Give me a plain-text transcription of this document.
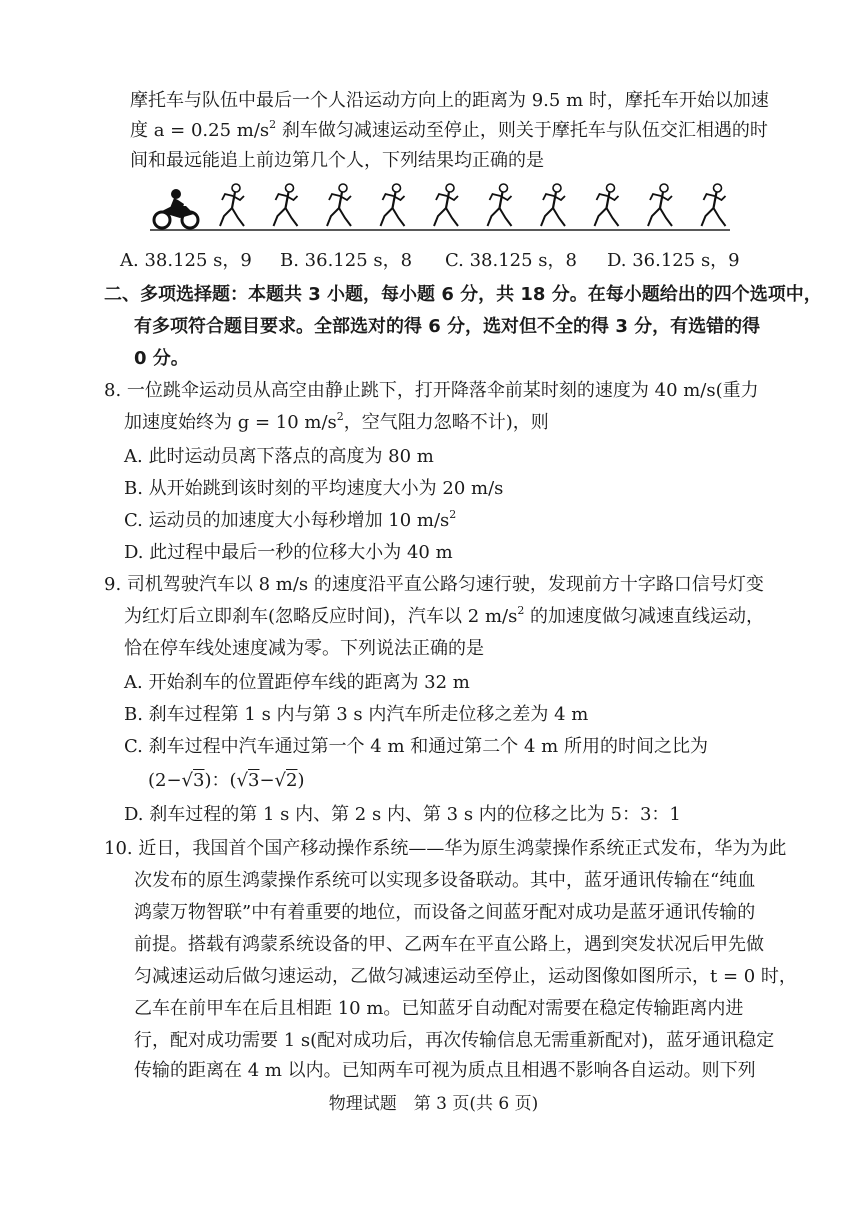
摩托车与队伍中最后一个人沿运动方向上的距离为 9.5 m 时，摩托车开始以加速
度 a = 0.25 $m/s^2$ 刹车做匀减速运动至停止，则关于摩托车与队伍交汇相遇的时
间和最远能追上前边第几个人，下列结果均正确的是
A. 38.125 s，9 B. 36.125 s，8 C. 38.125 s，8 D. 36.125 s，9
二、多项选择题：本题共 3 小题，每小题 6 分，共 18 分。在每小题给出的四个选项中，
有多项符合题目要求。全部选对的得 6 分，选对但不全的得 3 分，有选错的得
0 分。
8. 一位跳伞运动员从高空由静止跳下，打开降落伞前某时刻的速度为 40 m/s(重力
加速度始终为 g = 10 $m/s^2$，空气阻力忽略不计)，则
A. 此时运动员离下落点的高度为 80 m
B. 从开始跳到该时刻的平均速度大小为 20 m/s
C. 运动员的加速度大小每秒增加 10 $m/s^2$
D. 此过程中最后一秒的位移大小为 40 m
9. 司机驾驶汽车以 8 m/s 的速度沿平直公路匀速行驶，发现前方十字路口信号灯变
为红灯后立即刹车(忽略反应时间)，汽车以 2 $m/s^2$ 的加速度做匀减速直线运动，
恰在停车线处速度减为零。下列说法正确的是
A. 开始刹车的位置距停车线的距离为 32 m
B. 刹车过程第 1 s 内与第 3 s 内汽车所走位移之差为 4 m
C. 刹车过程中汽车通过第一个 4 m 和通过第二个 4 m 所用的时间之比为
(2−√3)：(√3−√2)
D. 刹车过程的第 1 s 内、第 2 s 内、第 3 s 内的位移之比为 5：3：1
10. 近日，我国首个国产移动操作系统——华为原生鸿蒙操作系统正式发布，华为为此
次发布的原生鸿蒙操作系统可以实现多设备联动。其中，蓝牙通讯传输在“纯血
鸿蒙万物智联”中有着重要的地位，而设备之间蓝牙配对成功是蓝牙通讯传输的
前提。搭载有鸿蒙系统设备的甲、乙两车在平直公路上，遇到突发状况后甲先做
匀减速运动后做匀速运动，乙做匀减速运动至停止，运动图像如图所示，t = 0 时，
乙车在前甲车在后且相距 10 m。已知蓝牙自动配对需要在稳定传输距离内进
行，配对成功需要 1 s(配对成功后，再次传输信息无需重新配对)，蓝牙通讯稳定
传输的距离在 4 m 以内。已知两车可视为质点且相遇不影响各自运动。则下列
物理试题　第 3 页(共 6 页)
